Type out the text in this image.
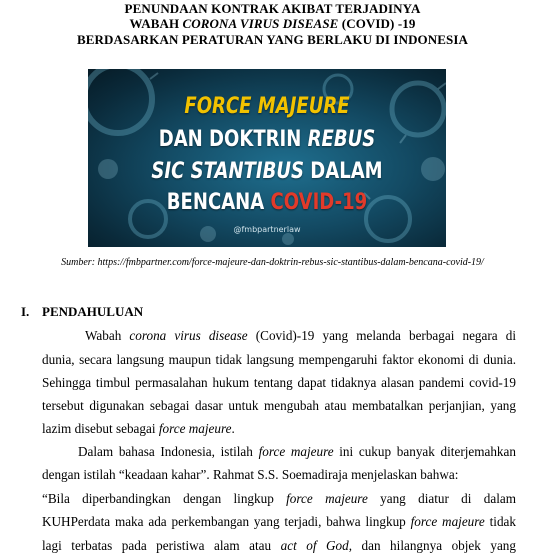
PENUNDAAN KONTRAK AKIBAT TERJADINYA
WABAH CORONA VIRUS DISEASE (COVID) -19
BERDASARKAN PERATURAN YANG BERLAKU DI INDONESIA
FORCE MAJEURE
DAN DOKTRIN REBUS
SIC STANTIBUS DALAM
BENCANA COVID-19
@fmbpartnerlaw
Sumber: https://fmbpartner.com/force-majeure-dan-doktrin-rebus-sic-stantibus-dalam-bencana-covid-19/
I. PENDAHULUAN
Wabah corona virus disease (Covid)-19 yang melanda berbagai negara di
dunia, secara langsung maupun tidak langsung mempengaruhi faktor ekonomi di dunia.
Sehingga timbul permasalahan hukum tentang dapat tidaknya alasan pandemi covid-19
tersebut digunakan sebagai dasar untuk mengubah atau membatalkan perjanjian, yang
lazim disebut sebagai force majeure.
Dalam bahasa Indonesia, istilah force majeure ini cukup banyak diterjemahkan
dengan istilah “keadaan kahar”. Rahmat S.S. Soemadiraja menjelaskan bahwa:
“Bila diperbandingkan dengan lingkup force majeure yang diatur di dalam
KUHPerdata maka ada perkembangan yang terjadi, bahwa lingkup force majeure tidak
lagi terbatas pada peristiwa alam atau act of God, dan hilangnya objek yang
